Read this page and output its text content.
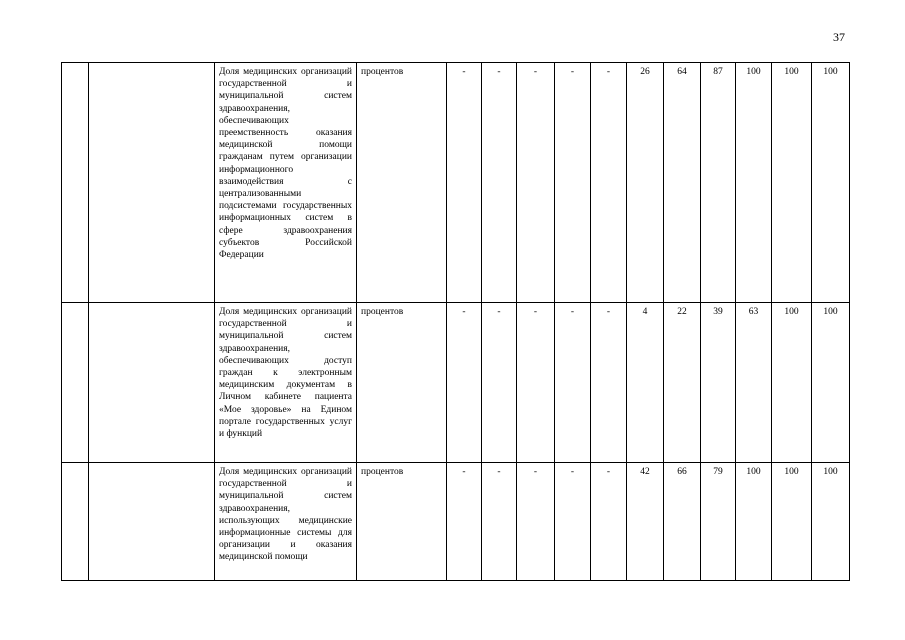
37
		Доля медицинских организаций государственной и муниципальной систем здравоохранения, обеспечивающих преемственность оказания медицинской помощи гражданам путем организации информационного взаимодействия с централизованными подсистемами государственных информационных систем в сфере здравоохранения субъектов Российской Федерации	процентов	-	-	-	-	-	26	64	87	100	100	100
		Доля медицинских организаций государственной и муниципальной систем здравоохранения, обеспечивающих доступ граждан к электронным медицинским документам в Личном кабинете пациента «Мое здоровье» на Едином портале государственных услуг и функций	процентов	-	-	-	-	-	4	22	39	63	100	100
		Доля медицинских организаций государственной и муниципальной систем здравоохранения, использующих медицинские информационные системы для организации и оказания медицинской помощи	процентов	-	-	-	-	-	42	66	79	100	100	100
